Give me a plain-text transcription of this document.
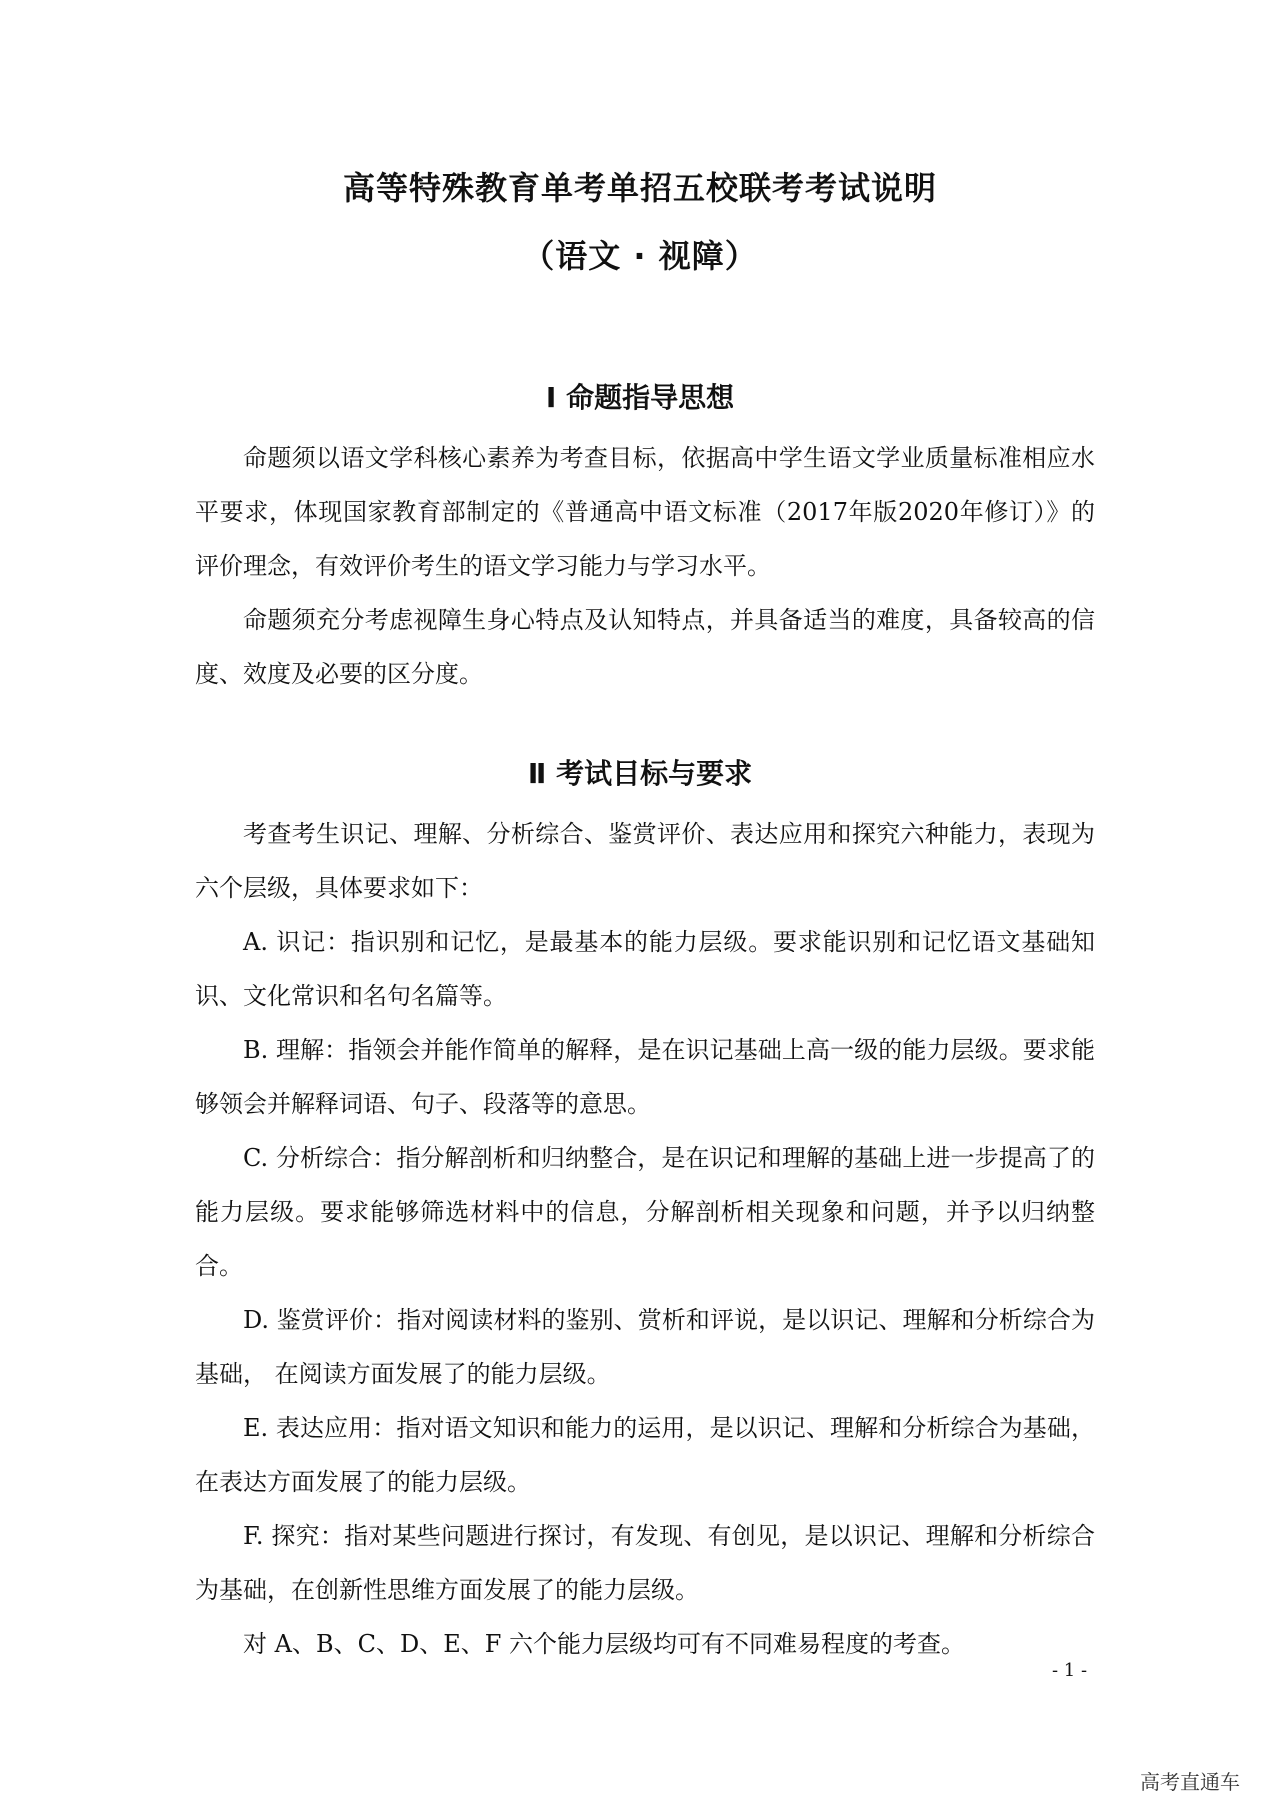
高等特殊教育单考单招五校联考考试说明
（语文 · 视障）
Ⅰ 命题指导思想

命题须以语文学科核心素养为考查目标，依据高中学生语文学业质量标准相应水平要求，体现国家教育部制定的《普通高中语文标准（2017年版2020年修订）》的评价理念，有效评价考生的语文学习能力与学习水平。

命题须充分考虑视障生身心特点及认知特点，并具备适当的难度，具备较高的信度、效度及必要的区分度。

Ⅱ 考试目标与要求

考查考生识记、理解、分析综合、鉴赏评价、表达应用和探究六种能力，表现为六个层级，具体要求如下：

A. 识记：指识别和记忆，是最基本的能力层级。要求能识别和记忆语文基础知识、文化常识和名句名篇等。

B. 理解：指领会并能作简单的解释，是在识记基础上高一级的能力层级。要求能够领会并解释词语、句子、段落等的意思。

C. 分析综合：指分解剖析和归纳整合，是在识记和理解的基础上进一步提高了的能力层级。要求能够筛选材料中的信息，分解剖析相关现象和问题，并予以归纳整合。

D. 鉴赏评价：指对阅读材料的鉴别、赏析和评说，是以识记、理解和分析综合为基础， 在阅读方面发展了的能力层级。

E. 表达应用：指对语文知识和能力的运用，是以识记、理解和分析综合为基础，在表达方面发展了的能力层级。

F. 探究：指对某些问题进行探讨，有发现、有创见，是以识记、理解和分析综合为基础，在创新性思维方面发展了的能力层级。

对 A、B、C、D、E、F 六个能力层级均可有不同难易程度的考查。

- 1 -
高考直通车
